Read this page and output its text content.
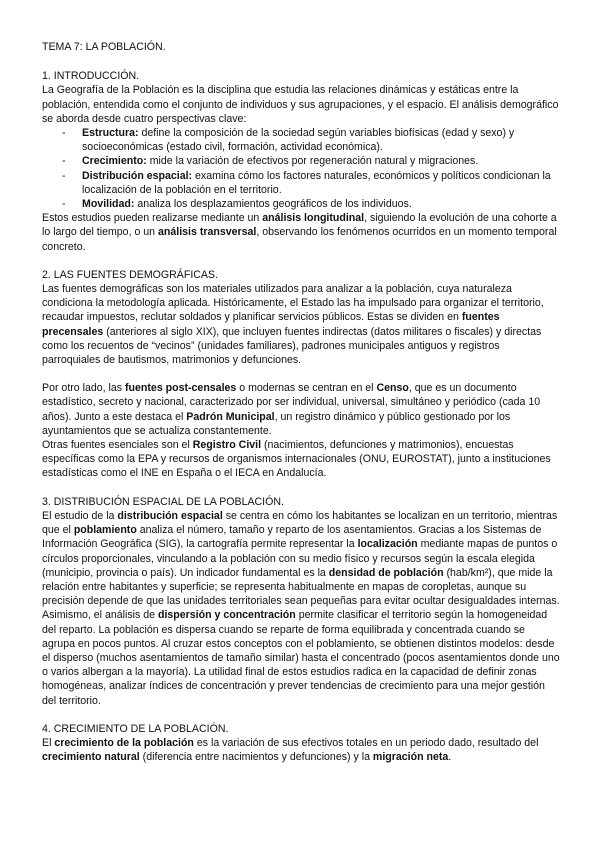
TEMA 7: LA POBLACIÓN.

1. INTRODUCCIÓN.

La Geografía de la Población es la disciplina que estudia las relaciones dinámicas y estáticas entre la población, entendida como el conjunto de individuos y sus agrupaciones, y el espacio. El análisis demográfico se aborda desde cuatro perspectivas clave:

- Estructura: define la composición de la sociedad según variables biofísicas (edad y sexo) y socioeconómicas (estado civil, formación, actividad económica).
- Crecimiento: mide la variación de efectivos por regeneración natural y migraciones.
- Distribución espacial: examina cómo los factores naturales, económicos y políticos condicionan la localización de la población en el territorio.
- Movilidad: analiza los desplazamientos geográficos de los individuos.

Estos estudios pueden realizarse mediante un análisis longitudinal, siguiendo la evolución de una cohorte a lo largo del tiempo, o un análisis transversal, observando los fenómenos ocurridos en un momento temporal concreto.

2. LAS FUENTES DEMOGRÁFICAS.

Las fuentes demográficas son los materiales utilizados para analizar a la población, cuya naturaleza condiciona la metodología aplicada. Históricamente, el Estado las ha impulsado para organizar el territorio, recaudar impuestos, reclutar soldados y planificar servicios públicos. Estas se dividen en fuentes precensales (anteriores al siglo XIX), que incluyen fuentes indirectas (datos militares o fiscales) y directas como los recuentos de “vecinos” (unidades familiares), padrones municipales antiguos y registros parroquiales de bautismos, matrimonios y defunciones.

Por otro lado, las fuentes post-censales o modernas se centran en el Censo, que es un documento estadístico, secreto y nacional, caracterizado por ser individual, universal, simultáneo y periódico (cada 10 años). Junto a este destaca el Padrón Municipal, un registro dinámico y público gestionado por los ayuntamientos que se actualiza constantemente.

Otras fuentes esenciales son el Registro Civil (nacimientos, defunciones y matrimonios), encuestas específicas como la EPA y recursos de organismos internacionales (ONU, EUROSTAT), junto a instituciones estadísticas como el INE en España o el IECA en Andalucía.

3. DISTRIBUCIÓN ESPACIAL DE LA POBLACIÓN.

El estudio de la distribución espacial se centra en cómo los habitantes se localizan en un territorio, mientras que el poblamiento analiza el número, tamaño y reparto de los asentamientos. Gracias a los Sistemas de Información Geográfica (SIG), la cartografía permite representar la localización mediante mapas de puntos o círculos proporcionales, vinculando a la población con su medio físico y recursos según la escala elegida (municipio, provincia o país). Un indicador fundamental es la densidad de población (hab/km²), que mide la relación entre habitantes y superficie; se representa habitualmente en mapas de coropletas, aunque su precisión depende de que las unidades territoriales sean pequeñas para evitar ocultar desigualdades internas.

Asimismo, el análisis de dispersión y concentración permite clasificar el territorio según la homogeneidad del reparto. La población es dispersa cuando se reparte de forma equilibrada y concentrada cuando se agrupa en pocos puntos. Al cruzar estos conceptos con el poblamiento, se obtienen distintos modelos: desde el disperso (muchos asentamientos de tamaño similar) hasta el concentrado (pocos asentamientos donde uno o varios albergan a la mayoría). La utilidad final de estos estudios radica en la capacidad de definir zonas homogéneas, analizar índices de concentración y prever tendencias de crecimiento para una mejor gestión del territorio.

4. CRECIMIENTO DE LA POBLACIÓN.

El crecimiento de la población es la variación de sus efectivos totales en un periodo dado, resultado del crecimiento natural (diferencia entre nacimientos y defunciones) y la migración neta.
